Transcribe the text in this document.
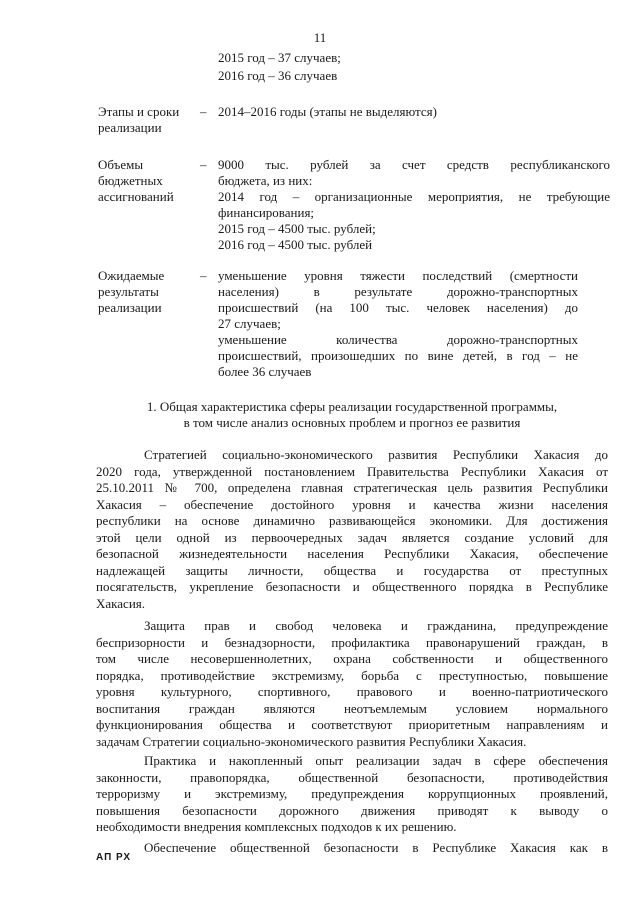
11
2015 год – 37 случаев;
2016 год – 36 случаев
Этапы и сроки
реализации
– 2014–2016 годы (этапы не выделяются)
Объемы
бюджетных
ассигнований
– 9000 тыс. рублей за счет средств республиканского
бюджета, из них:
2014 год – организационные мероприятия, не требующие
финансирования;
2015 год – 4500 тыс. рублей;
2016 год – 4500 тыс. рублей
Ожидаемые
результаты
реализации
– уменьшение уровня тяжести последствий (смертности
населения) в результате дорожно-транспортных
происшествий (на 100 тыс. человек населения) до
27 случаев;
уменьшение количества дорожно-транспортных
происшествий, произошедших по вине детей, в год – не
более 36 случаев
1. Общая характеристика сферы реализации государственной программы,
в том числе анализ основных проблем и прогноз ее развития
Стратегией социально-экономического развития Республики Хакасия до
2020 года, утвержденной постановлением Правительства Республики Хакасия от
25.10.2011 № 700, определена главная стратегическая цель развития Республики
Хакасия – обеспечение достойного уровня и качества жизни населения
республики на основе динамично развивающейся экономики. Для достижения
этой цели одной из первоочередных задач является создание условий для
безопасной жизнедеятельности населения Республики Хакасия, обеспечение
надлежащей защиты личности, общества и государства от преступных
посягательств, укрепление безопасности и общественного порядка в Республике
Хакасия.
Защита прав и свобод человека и гражданина, предупреждение
беспризорности и безнадзорности, профилактика правонарушений граждан, в
том числе несовершеннолетних, охрана собственности и общественного
порядка, противодействие экстремизму, борьба с преступностью, повышение
уровня культурного, спортивного, правового и военно-патриотического
воспитания граждан являются неотъемлемым условием нормального
функционирования общества и соответствуют приоритетным направлениям и
задачам Стратегии социально-экономического развития Республики Хакасия.
Практика и накопленный опыт реализации задач в сфере обеспечения
законности, правопорядка, общественной безопасности, противодействия
терроризму и экстремизму, предупреждения коррупционных проявлений,
повышения безопасности дорожного движения приводят к выводу о
необходимости внедрения комплексных подходов к их решению.
Обеспечение общественной безопасности в Республике Хакасия как в
АП РХ
